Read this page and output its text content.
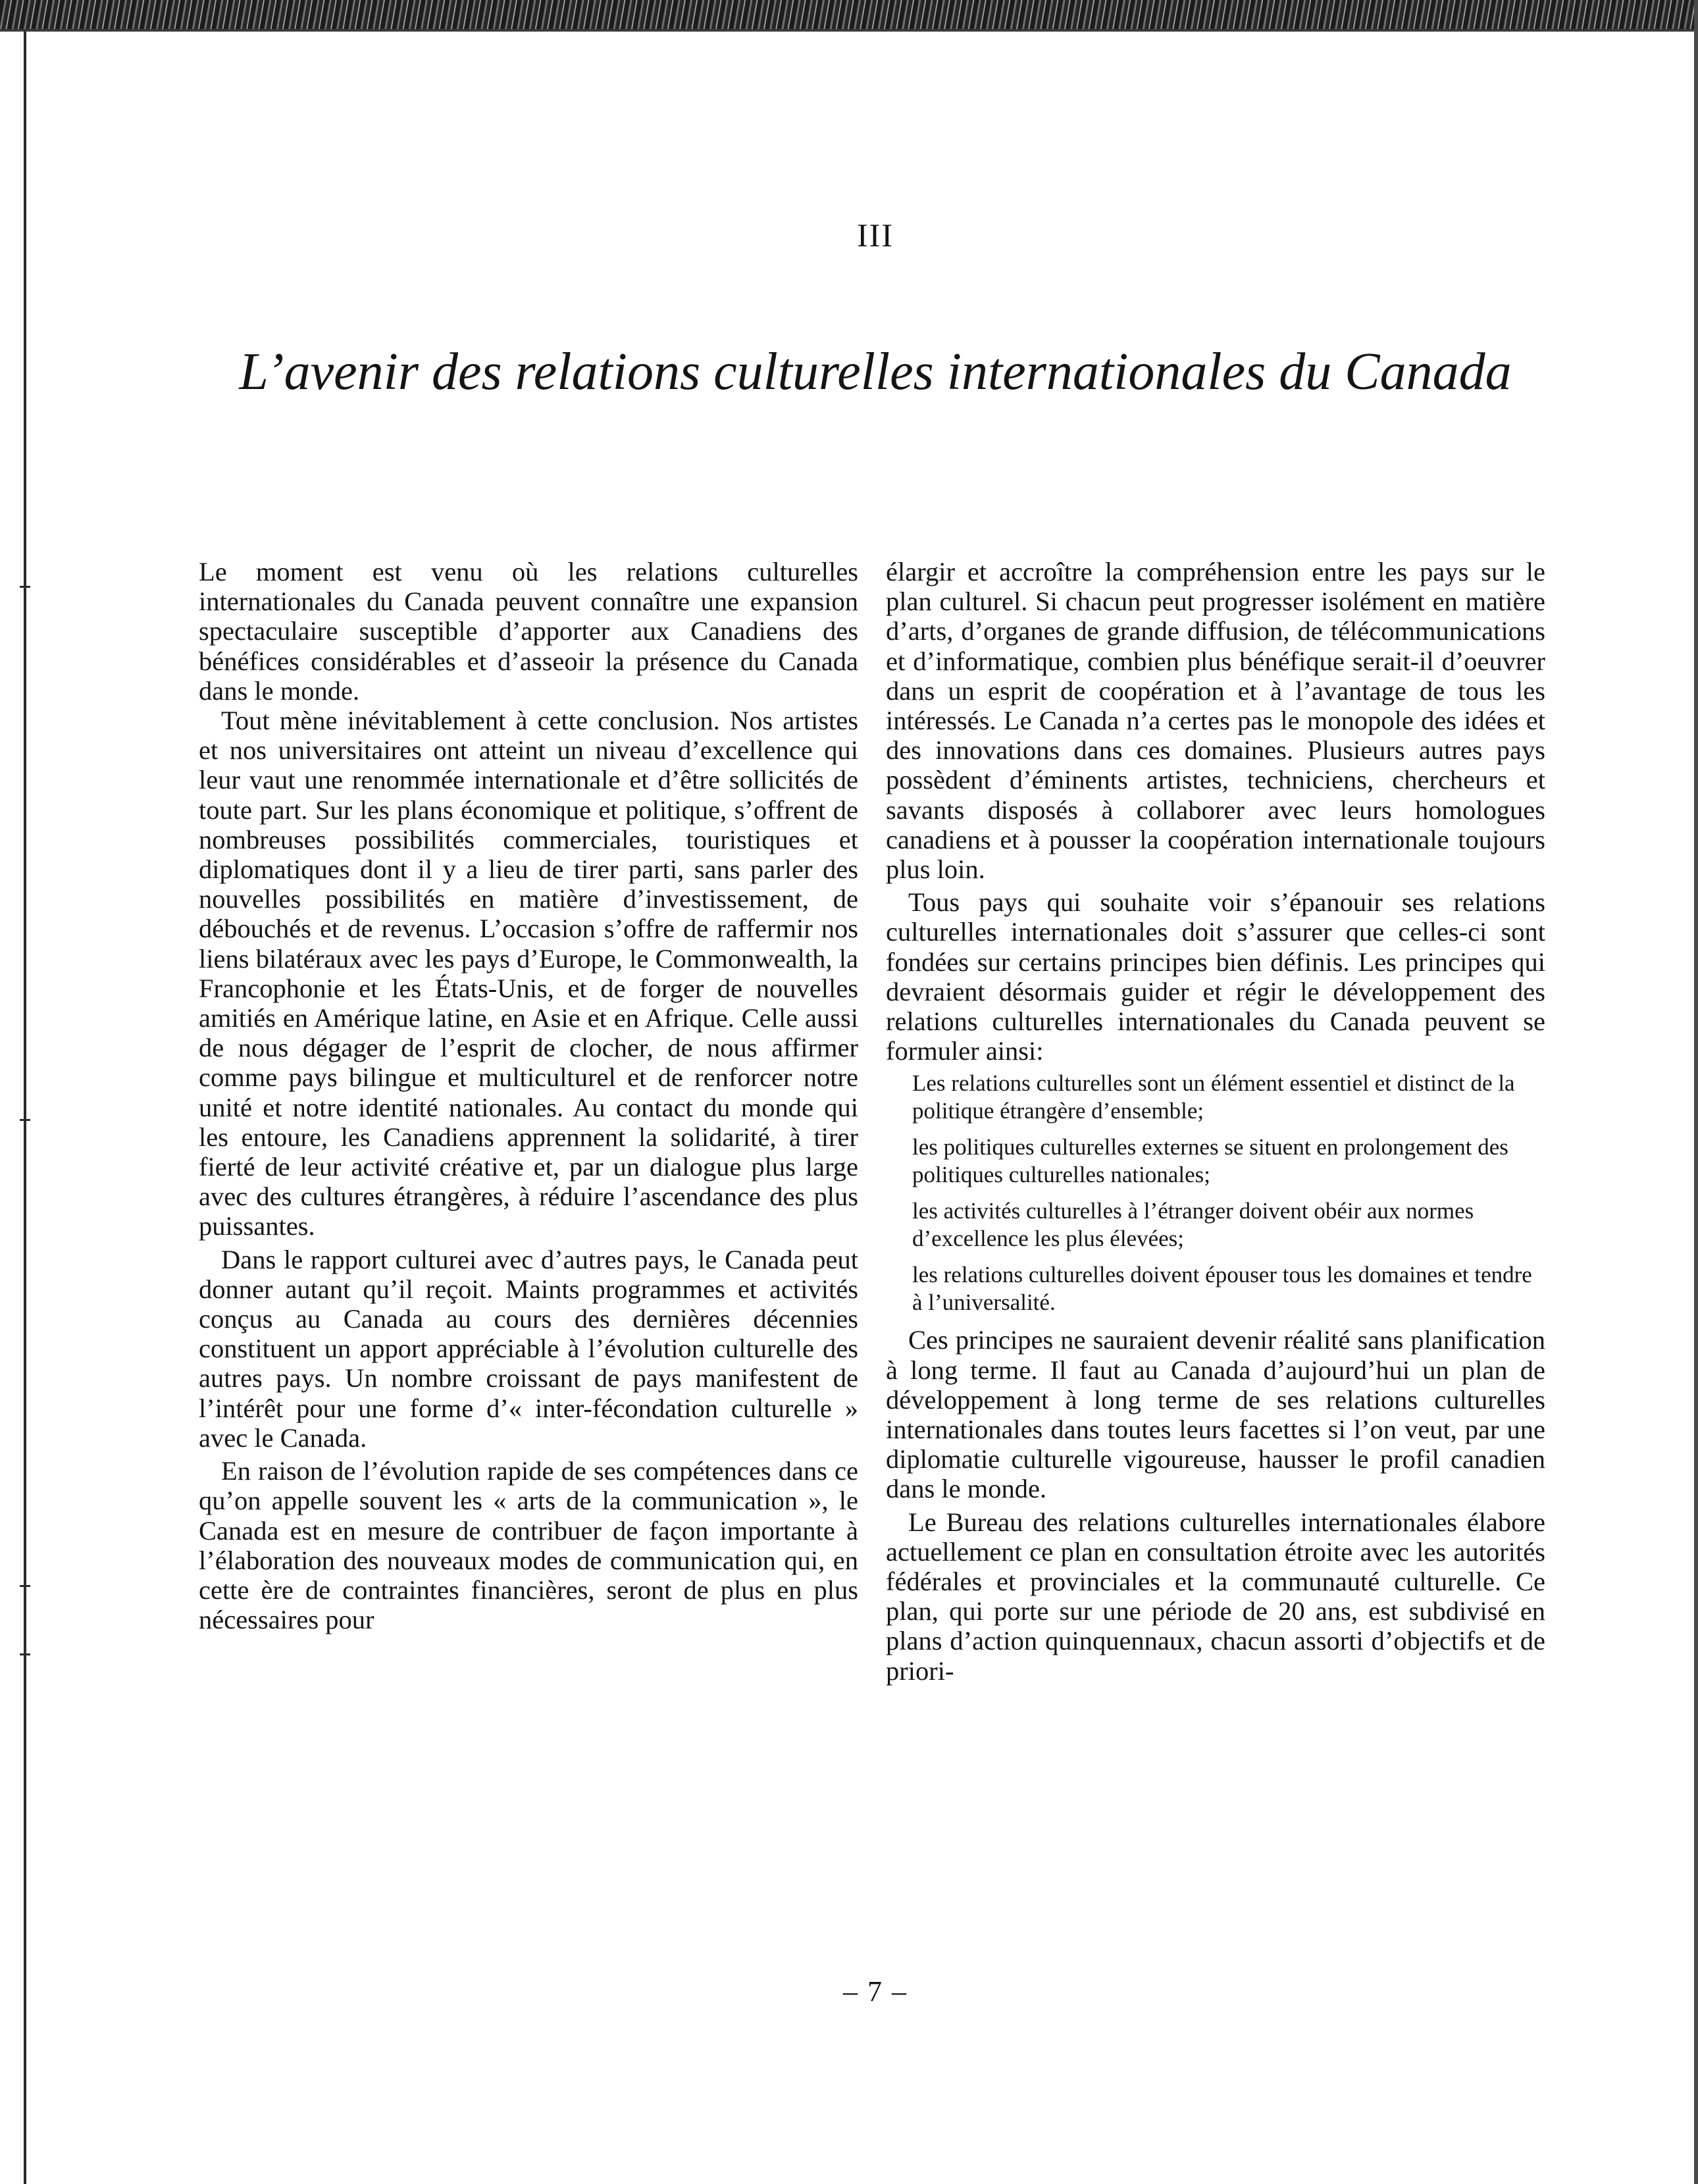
III
L’avenir des relations culturelles internationales du Canada

Le moment est venu où les relations culturelles internationales du Canada peuvent connaître une expansion spectaculaire susceptible d’apporter aux Canadiens des bénéfices considérables et d’asseoir la présence du Canada dans le monde.

Tout mène inévitablement à cette conclusion. Nos artistes et nos universitaires ont atteint un niveau d’excellence qui leur vaut une renommée internationale et d’être sollicités de toute part. Sur les plans économique et politique, s’offrent de nombreuses possibilités commerciales, touristiques et diplomatiques dont il y a lieu de tirer parti, sans parler des nouvelles possibilités en matière d’investissement, de débouchés et de revenus. L’occasion s’offre de raffermir nos liens bilatéraux avec les pays d’Europe, le Commonwealth, la Francophonie et les États-Unis, et de forger de nouvelles amitiés en Amérique latine, en Asie et en Afrique. Celle aussi de nous dégager de l’esprit de clocher, de nous affirmer comme pays bilingue et multiculturel et de renforcer notre unité et notre identité nationales. Au contact du monde qui les entoure, les Canadiens apprennent la solidarité, à tirer fierté de leur activité créative et, par un dialogue plus large avec des cultures étrangères, à réduire l’ascendance des plus puissantes.

Dans le rapport culturei avec d’autres pays, le Canada peut donner autant qu’il reçoit. Maints programmes et activités conçus au Canada au cours des dernières décennies constituent un apport appréciable à l’évolution culturelle des autres pays. Un nombre croissant de pays manifestent de l’intérêt pour une forme d’« inter-fécondation culturelle » avec le Canada.

En raison de l’évolution rapide de ses compétences dans ce qu’on appelle souvent les « arts de la communication », le Canada est en mesure de contribuer de façon importante à l’élaboration des nouveaux modes de communication qui, en cette ère de contraintes financières, seront de plus en plus nécessaires pour

élargir et accroître la compréhension entre les pays sur le plan culturel. Si chacun peut progresser isolément en matière d’arts, d’organes de grande diffusion, de télécommunications et d’informatique, combien plus bénéfique serait-il d’oeuvrer dans un esprit de coopération et à l’avantage de tous les intéressés. Le Canada n’a certes pas le monopole des idées et des innovations dans ces domaines. Plusieurs autres pays possèdent d’éminents artistes, techniciens, chercheurs et savants disposés à collaborer avec leurs homologues canadiens et à pousser la coopération internationale toujours plus loin.

Tous pays qui souhaite voir s’épanouir ses relations culturelles internationales doit s’assurer que celles-ci sont fondées sur certains principes bien définis. Les principes qui devraient désormais guider et régir le développement des relations culturelles internationales du Canada peuvent se formuler ainsi:

Les relations culturelles sont un élément essentiel et distinct de la politique étrangère d’ensemble;
les politiques culturelles externes se situent en prolongement des politiques culturelles nationales;
les activités culturelles à l’étranger doivent obéir aux normes d’excellence les plus élevées;
les relations culturelles doivent épouser tous les domaines et tendre à l’universalité.

Ces principes ne sauraient devenir réalité sans planification à long terme. Il faut au Canada d’aujourd’hui un plan de développement à long terme de ses relations culturelles internationales dans toutes leurs facettes si l’on veut, par une diplomatie culturelle vigoureuse, hausser le profil canadien dans le monde.

Le Bureau des relations culturelles internationales élabore actuellement ce plan en consultation étroite avec les autorités fédérales et provinciales et la communauté culturelle. Ce plan, qui porte sur une période de 20 ans, est subdivisé en plans d’action quinquennaux, chacun assorti d’objectifs et de priori-

– 7 –
